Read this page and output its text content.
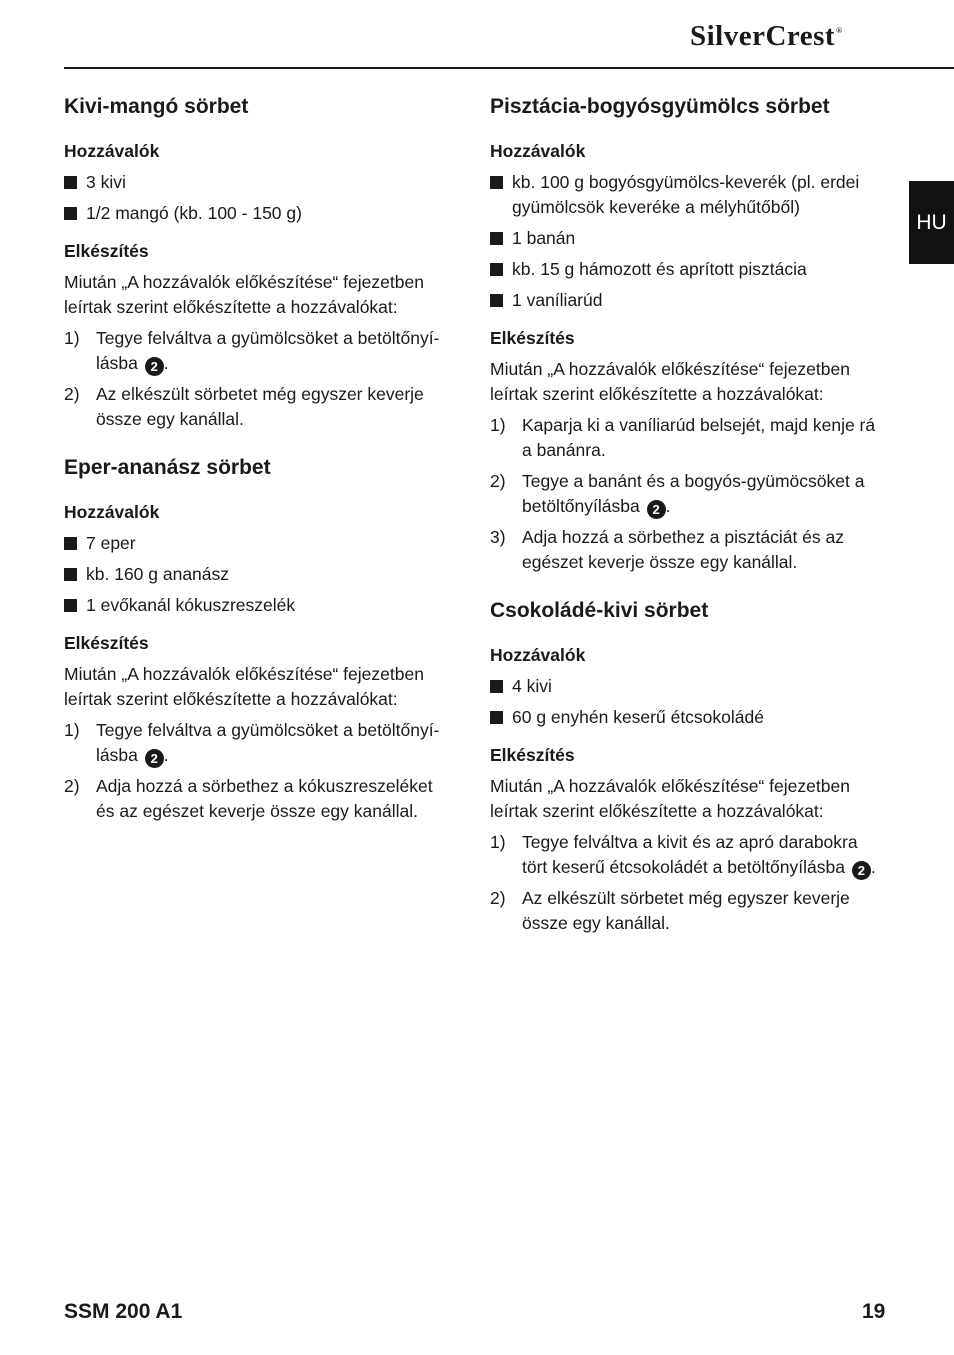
SilverCrest®
HU
Kivi-mangó sörbet
Hozzávalók
3 kivi
1/2 mangó (kb. 100 - 150 g)
Elkészítés

Miután „A hozzávalók előkészítése“ fejezetben leírtak szerint előkészítette a hozzávalókat:

1) Tegye felváltva a gyümölcsöket a betöltőnyí-lásba 2 .
2) Az elkészült sörbetet még egyszer keverje össze egy kanállal.
Eper-ananász sörbet
Hozzávalók
7 eper
kb. 160 g ananász
1 evőkanál kókuszreszelék
Elkészítés

Miután „A hozzávalók előkészítése“ fejezetben leírtak szerint előkészítette a hozzávalókat:

1) Tegye felváltva a gyümölcsöket a betöltőnyí-lásba 2 .
2) Adja hozzá a sörbethez a kókuszreszeléket és az egészet keverje össze egy kanállal.
Pisztácia-bogyósgyümölcs sörbet
Hozzávalók
kb. 100 g bogyósgyümölcs-keverék (pl. erdei gyümölcsök keveréke a mélyhűtőből)
1 banán
kb. 15 g hámozott és aprított pisztácia
1 vaníliarúd
Elkészítés

Miután „A hozzávalók előkészítése“ fejezetben leírtak szerint előkészítette a hozzávalókat:

1) Kaparja ki a vaníliarúd belsejét, majd kenje rá a banánra.
2) Tegye a banánt és a bogyós-gyümöcsöket a betöltőnyílásba 2 .
3) Adja hozzá a sörbethez a pisztáciát és az egészet keverje össze egy kanállal.
Csokoládé-kivi sörbet
Hozzávalók
4 kivi
60 g enyhén keserű étcsokoládé
Elkészítés

Miután „A hozzávalók előkészítése“ fejezetben leírtak szerint előkészítette a hozzávalókat:

1) Tegye felváltva a kivit és az apró darabokra tört keserű étcsokoládét a betöltőnyílásba 2 .
2) Az elkészült sörbetet még egyszer keverje össze egy kanállal.
SSM 200 A1	19
